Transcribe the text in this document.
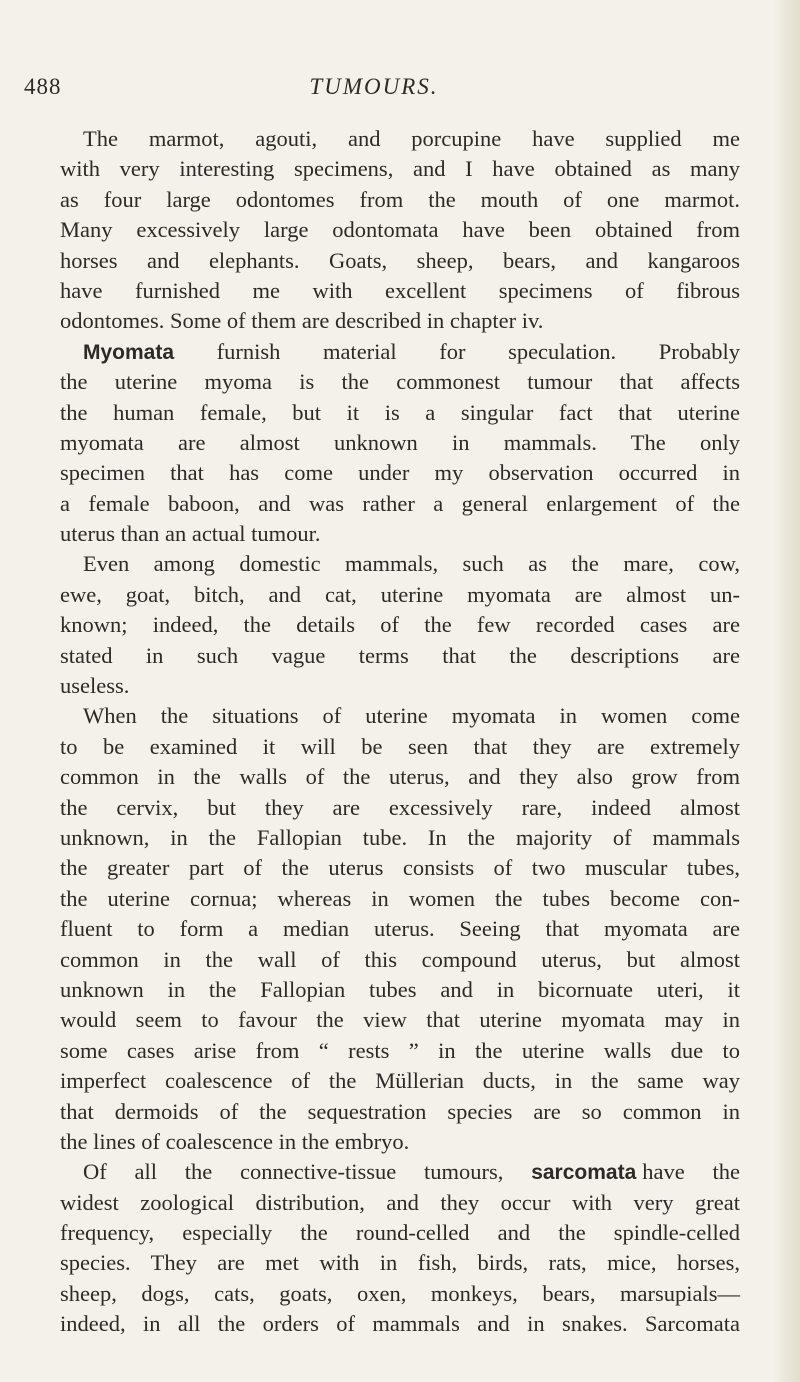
488	TUMOURS.
The marmot, agouti, and porcupine have supplied me
with very interesting specimens, and I have obtained as many
as four large odontomes from the mouth of one marmot.
Many excessively large odontomata have been obtained from
horses and elephants. Goats, sheep, bears, and kangaroos
have furnished me with excellent specimens of fibrous
odontomes. Some of them are described in chapter iv.
Myomata furnish material for speculation. Probably
the uterine myoma is the commonest tumour that affects
the human female, but it is a singular fact that uterine
myomata are almost unknown in mammals. The only
specimen that has come under my observation occurred in
a female baboon, and was rather a general enlargement of the
uterus than an actual tumour.
Even among domestic mammals, such as the mare, cow,
ewe, goat, bitch, and cat, uterine myomata are almost un-
known; indeed, the details of the few recorded cases are
stated in such vague terms that the descriptions are
useless.
When the situations of uterine myomata in women come
to be examined it will be seen that they are extremely
common in the walls of the uterus, and they also grow from
the cervix, but they are excessively rare, indeed almost
unknown, in the Fallopian tube. In the majority of mammals
the greater part of the uterus consists of two muscular tubes,
the uterine cornua; whereas in women the tubes become con-
fluent to form a median uterus. Seeing that myomata are
common in the wall of this compound uterus, but almost
unknown in the Fallopian tubes and in bicornuate uteri, it
would seem to favour the view that uterine myomata may in
some cases arise from “ rests ” in the uterine walls due to
imperfect coalescence of the Müllerian ducts, in the same way
that dermoids of the sequestration species are so common in
the lines of coalescence in the embryo.
Of all the connective-tissue tumours, sarcomata have the
widest zoological distribution, and they occur with very great
frequency, especially the round-celled and the spindle-celled
species. They are met with in fish, birds, rats, mice, horses,
sheep, dogs, cats, goats, oxen, monkeys, bears, marsupials—
indeed, in all the orders of mammals and in snakes. Sarcomata
